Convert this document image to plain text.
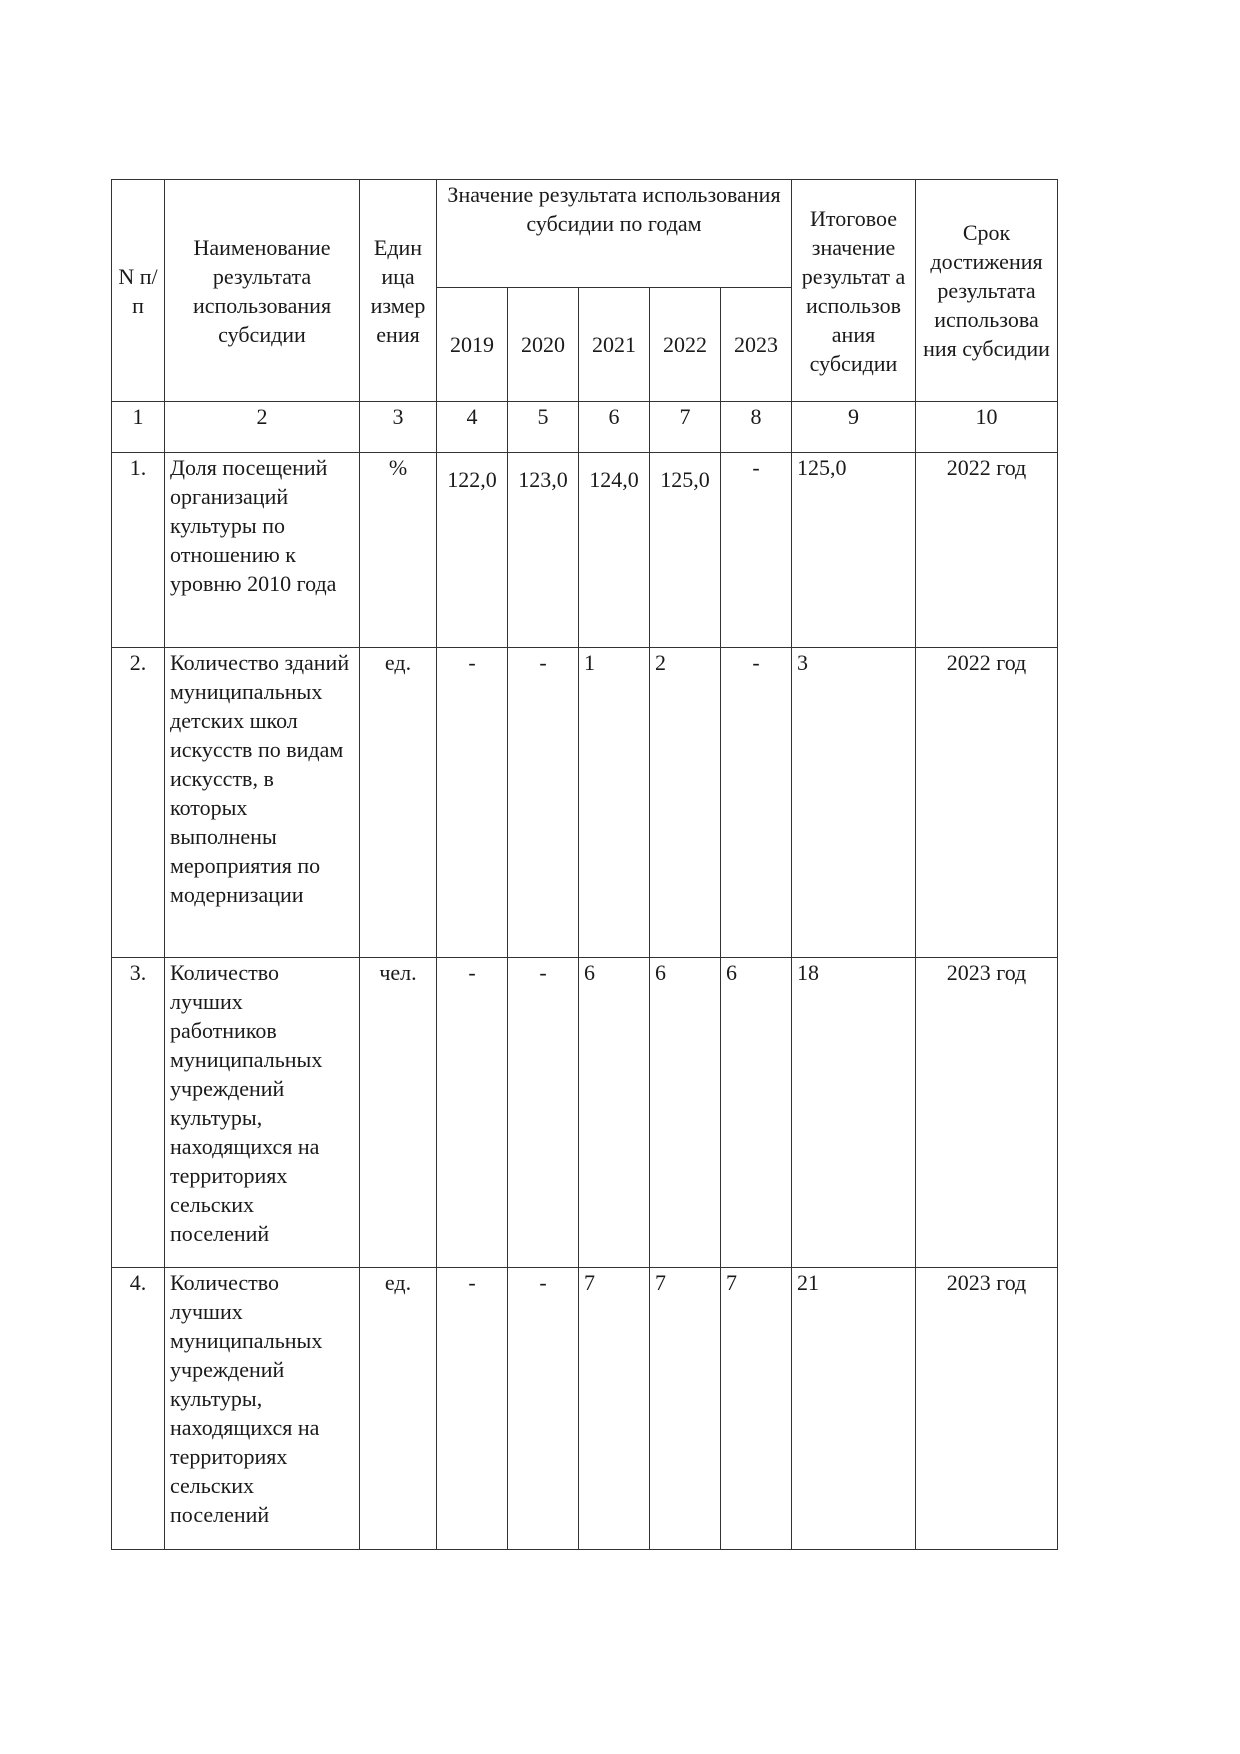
N п/п	Наименование результата использования субсидии	Един ица измер ения	Значение результата использования субсидии по годам					Итоговое значение результат а использов ания субсидии	Срок достижения результата использова ния субсидии
			2019	2020	2021	2022	2023		
1	2	3	4	5	6	7	8	9	10
1.	Доля посещений организаций культуры по отношению к уровню 2010 года	%	122,0	123,0	124,0	125,0	-	125,0	2022 год
2.	Количество зданий муниципальных детских школ искусств по видам искусств, в которых выполнены мероприятия по модернизации	ед.	-	-	1	2	-	3	2022 год
3.	Количество лучших работников муниципальных учреждений культуры, находящихся на территориях сельских поселений	чел.	-	-	6	6	6	18	2023 год
4.	Количество лучших муниципальных учреждений культуры, находящихся на территориях сельских поселений	ед.	-	-	7	7	7	21	2023 год
